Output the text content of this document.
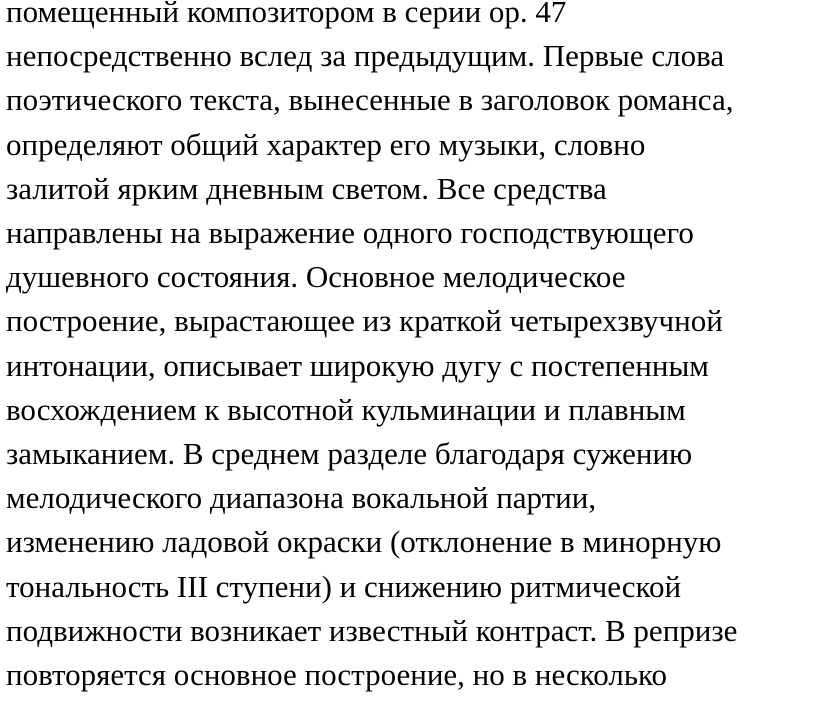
помещенный композитором в серии ор. 47
непосредственно вслед за предыдущим. Первые слова
поэтического текста, вынесенные в заголовок романса,
определяют общий характер его музыки, словно
залитой ярким дневным светом. Все средства
направлены на выражение одного господствующего
душевного состояния. Основное мелодическое
построение, вырастающее из краткой четырехзвучной
интонации, описывает широкую дугу с постепенным
восхождением к высотной кульминации и плавным
замыканием. В среднем разделе благодаря сужению
мелодического диапазона вокальной партии,
изменению ладовой окраски (отклонение в минорную
тональность III ступени) и снижению ритмической
подвижности возникает известный контраст. В репризе
повторяется основное построение, но в несколько
